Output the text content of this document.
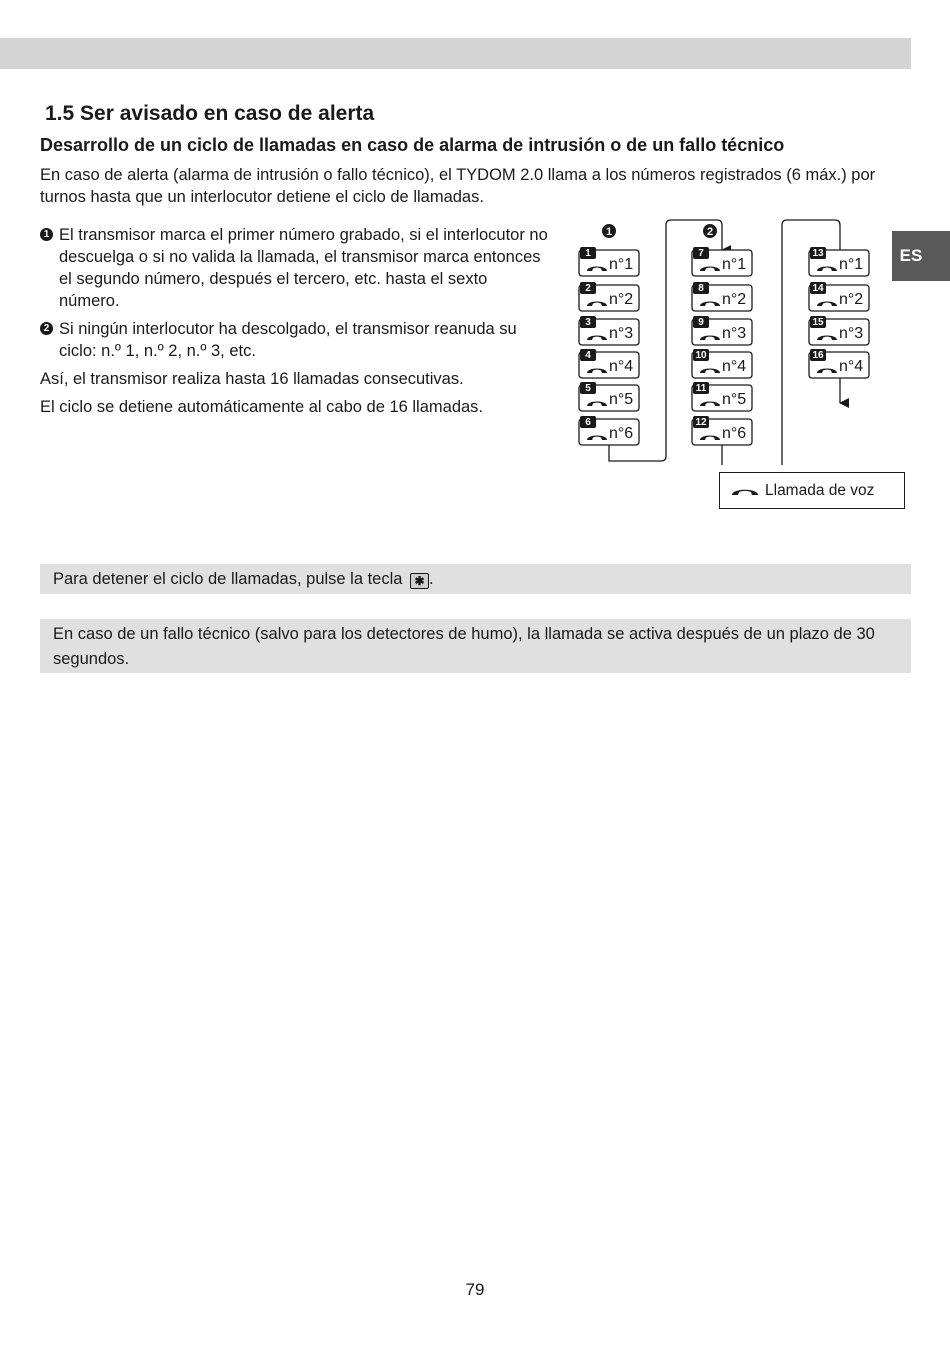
ES
1.5 Ser avisado en caso de alerta
Desarrollo de un ciclo de llamadas en caso de alarma de intrusión o de un fallo técnico

En caso de alerta (alarma de intrusión o fallo técnico), el TYDOM 2.0 llama a los números registrados (6 máx.) por turnos hasta que un interlocutor detiene el ciclo de llamadas.

1 El transmisor marca el primer número grabado, si el interlocutor no descuelga o si no valida la llamada, el transmisor marca entonces el segundo número, después el tercero, etc. hasta el sexto número.

2 Si ningún interlocutor ha descolgado, el transmisor reanuda su ciclo: n.º 1, n.º 2, n.º 3, etc.

Así, el transmisor realiza hasta 16 llamadas consecutivas.

El ciclo se detiene automáticamente al cabo de 16 llamadas.

1
n°1
2
n°2
3
n°3
4
n°4
5
n°5
6
n°6
7
n°1
8
n°2
9
n°3
10
n°4
11
n°5
12
n°6
13
n°1
14
n°2
15
n°3
16
n°4
1	2
Llamada de voz
Para detener el ciclo de llamadas, pulse la tecla ✱ .
En caso de un fallo técnico (salvo para los detectores de humo), la llamada se activa después de un plazo de 30 segundos.
79
